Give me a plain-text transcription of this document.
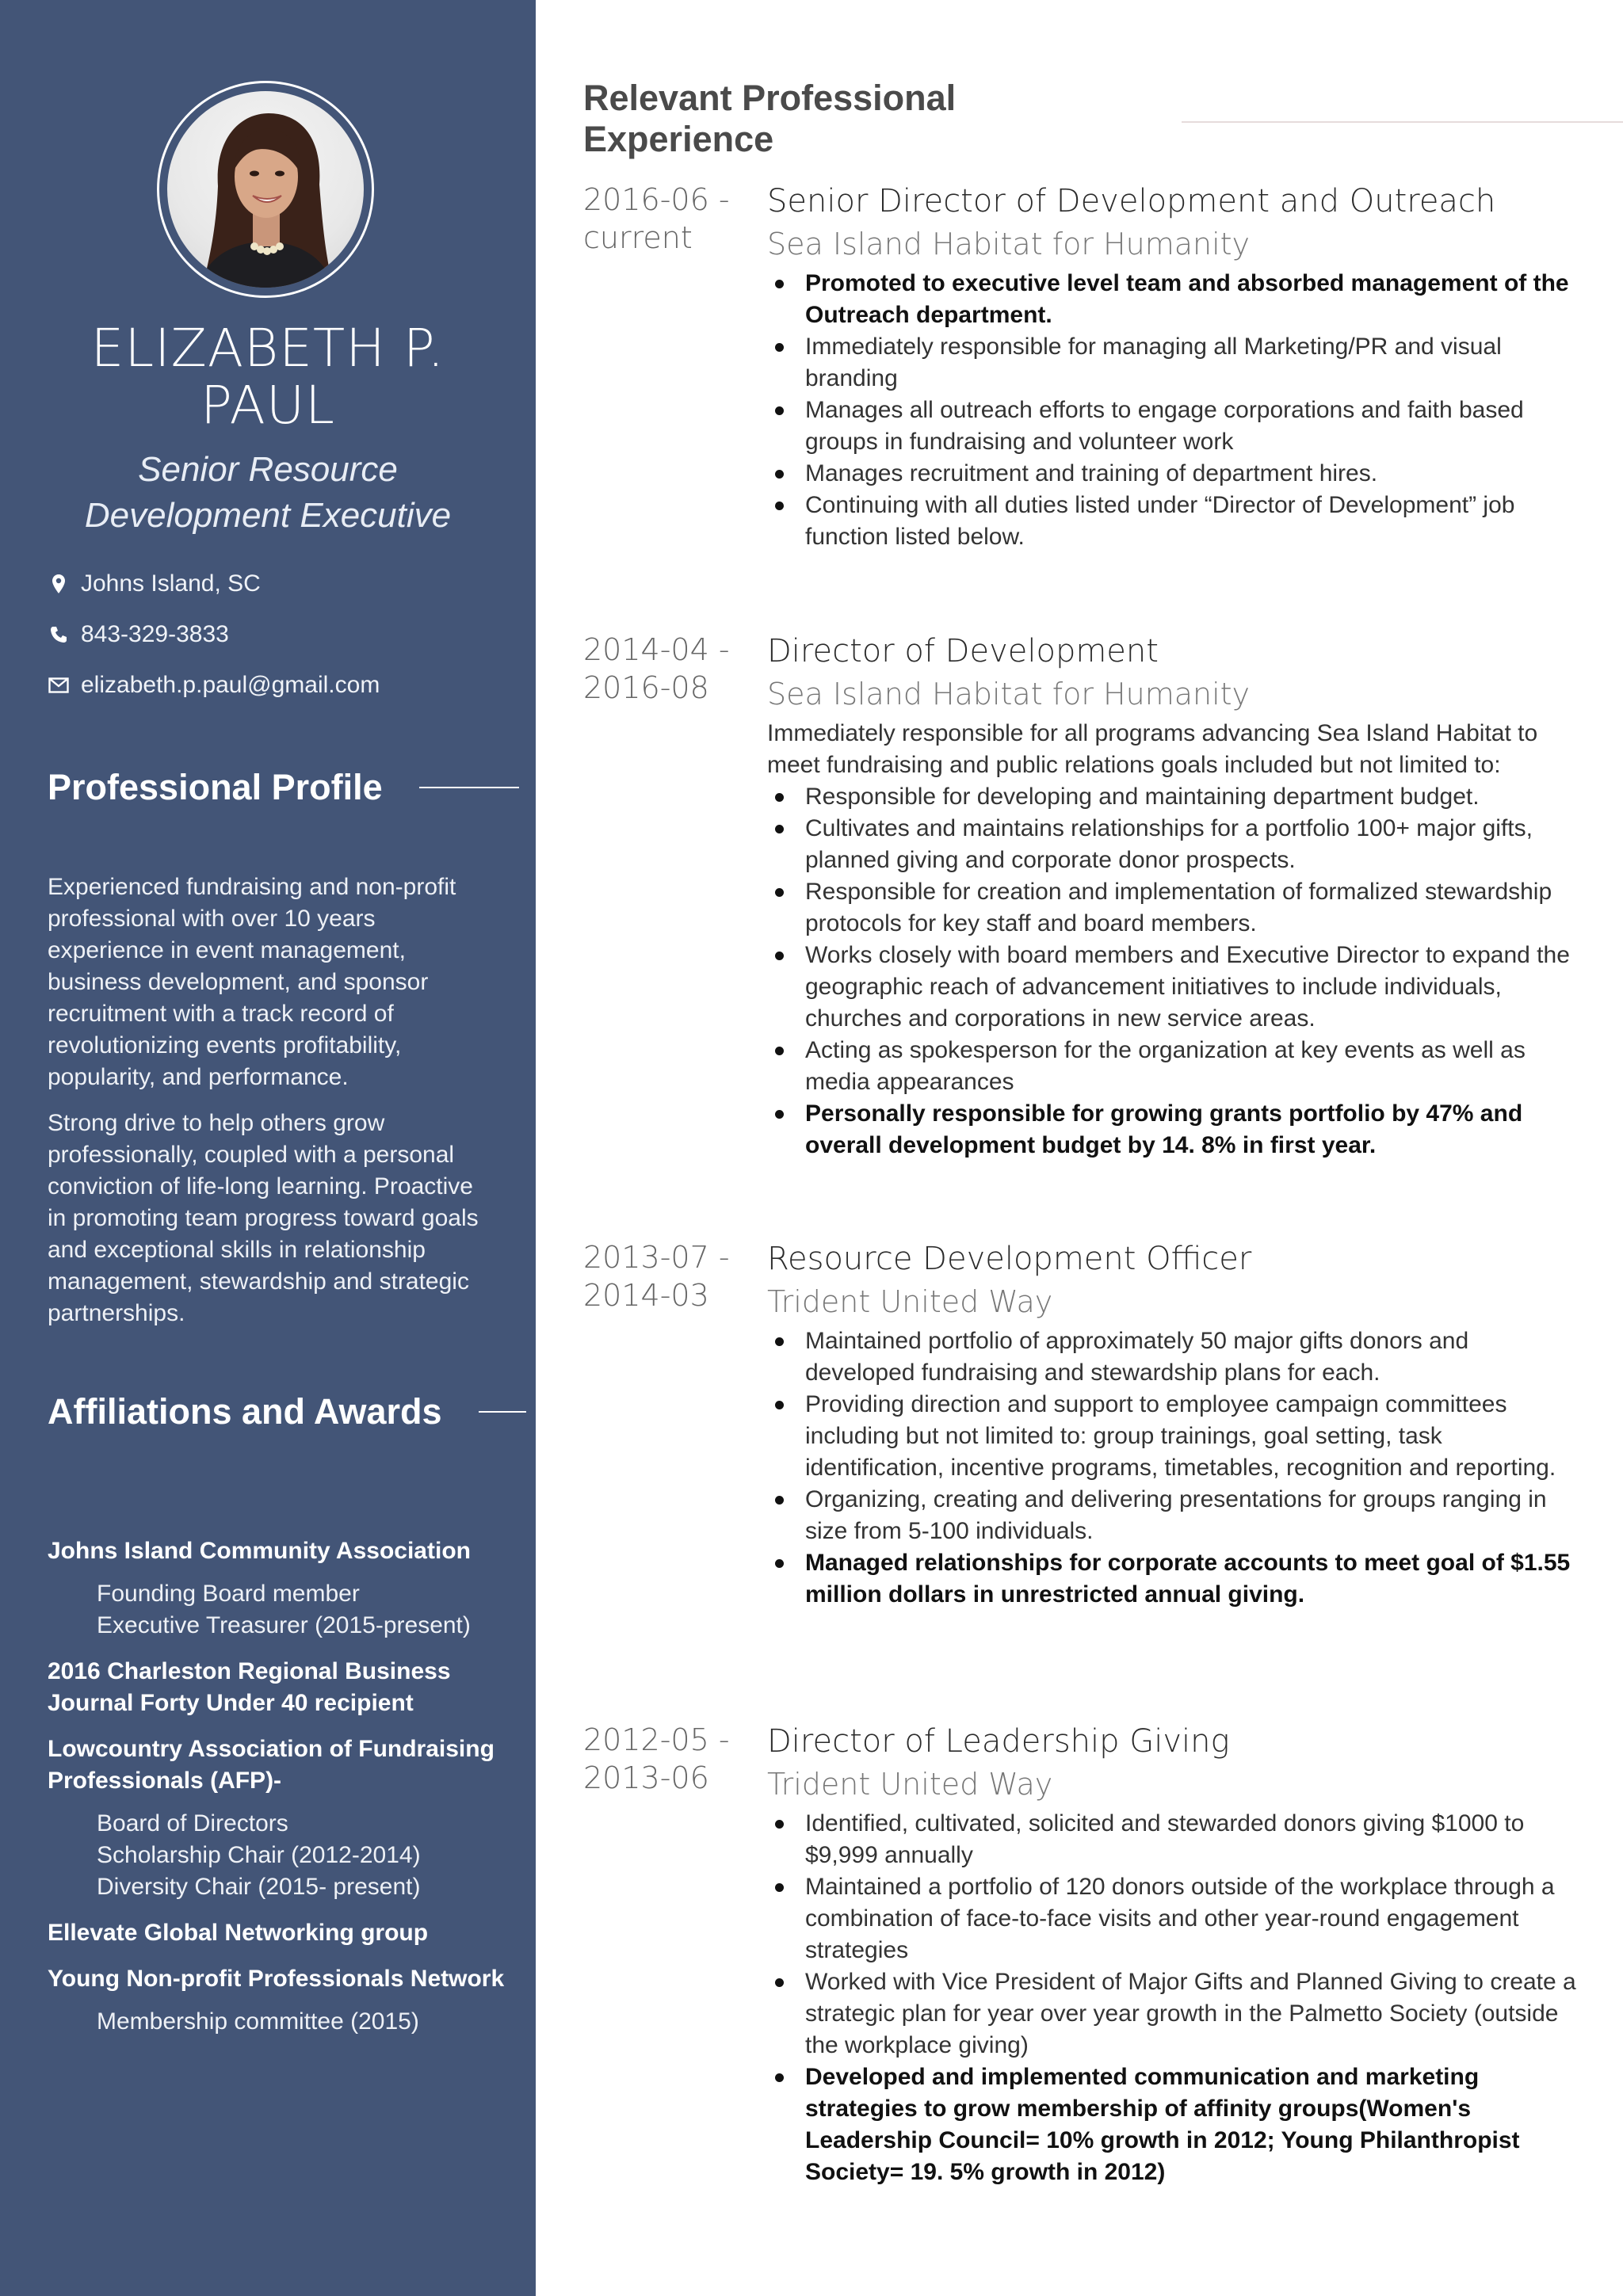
ELIZABETH P. PAUL
Senior Resource Development Executive
Johns Island, SC
843-329-3833
elizabeth.p.paul@gmail.com
Professional Profile

Experienced fundraising and non-profit professional with over 10 years experience in event management, business development, and sponsor recruitment with a track record of revolutionizing events profitability, popularity, and performance.

Strong drive to help others grow professionally, coupled with a personal conviction of life-long learning. Proactive in promoting team progress toward goals and exceptional skills in relationship management, stewardship and strategic partnerships.

Affiliations and Awards
Johns Island Community Association
Founding Board member
Executive Treasurer (2015-present)
2016 Charleston Regional Business Journal Forty Under 40 recipient
Lowcountry Association of Fundraising Professionals (AFP)-
Board of Directors
Scholarship Chair (2012-2014)
Diversity Chair (2015- present)
Ellevate Global Networking group
Young Non-profit Professionals Network
Membership committee (2015)
Relevant Professional Experience
2016-06 -
current
Senior Director of Development and Outreach
Sea Island Habitat for Humanity
Promoted to executive level team and absorbed management of the Outreach department.
Immediately responsible for managing all Marketing/PR and visual branding
Manages all outreach efforts to engage corporations and faith based groups in fundraising and volunteer work
Manages recruitment and training of department hires.
Continuing with all duties listed under “Director of Development” job function listed below.
2014-04 -
2016-08
Director of Development
Sea Island Habitat for Humanity
Immediately responsible for all programs advancing Sea Island Habitat to meet fundraising and public relations goals included but not limited to:
Responsible for developing and maintaining department budget.
Cultivates and maintains relationships for a portfolio 100+ major gifts, planned giving and corporate donor prospects.
Responsible for creation and implementation of formalized stewardship protocols for key staff and board members.
Works closely with board members and Executive Director to expand the geographic reach of advancement initiatives to include individuals, churches and corporations in new service areas.
Acting as spokesperson for the organization at key events as well as media appearances
Personally responsible for growing grants portfolio by 47% and overall development budget by 14. 8% in first year.
2013-07 -
2014-03
Resource Development Officer
Trident United Way
Maintained portfolio of approximately 50 major gifts donors and developed fundraising and stewardship plans for each.
Providing direction and support to employee campaign committees including but not limited to: group trainings, goal setting, task identification, incentive programs, timetables, recognition and reporting.
Organizing, creating and delivering presentations for groups ranging in size from 5-100 individuals.
Managed relationships for corporate accounts to meet goal of $1.55 million dollars in unrestricted annual giving.
2012-05 -
2013-06
Director of Leadership Giving
Trident United Way
Identified, cultivated, solicited and stewarded donors giving $1000 to $9,999 annually
Maintained a portfolio of 120 donors outside of the workplace through a combination of face-to-face visits and other year-round engagement strategies
Worked with Vice President of Major Gifts and Planned Giving to create a strategic plan for year over year growth in the Palmetto Society (outside the workplace giving)
Developed and implemented communication and marketing strategies to grow membership of affinity groups(Women's Leadership Council= 10% growth in 2012; Young Philanthropist Society= 19. 5% growth in 2012)
